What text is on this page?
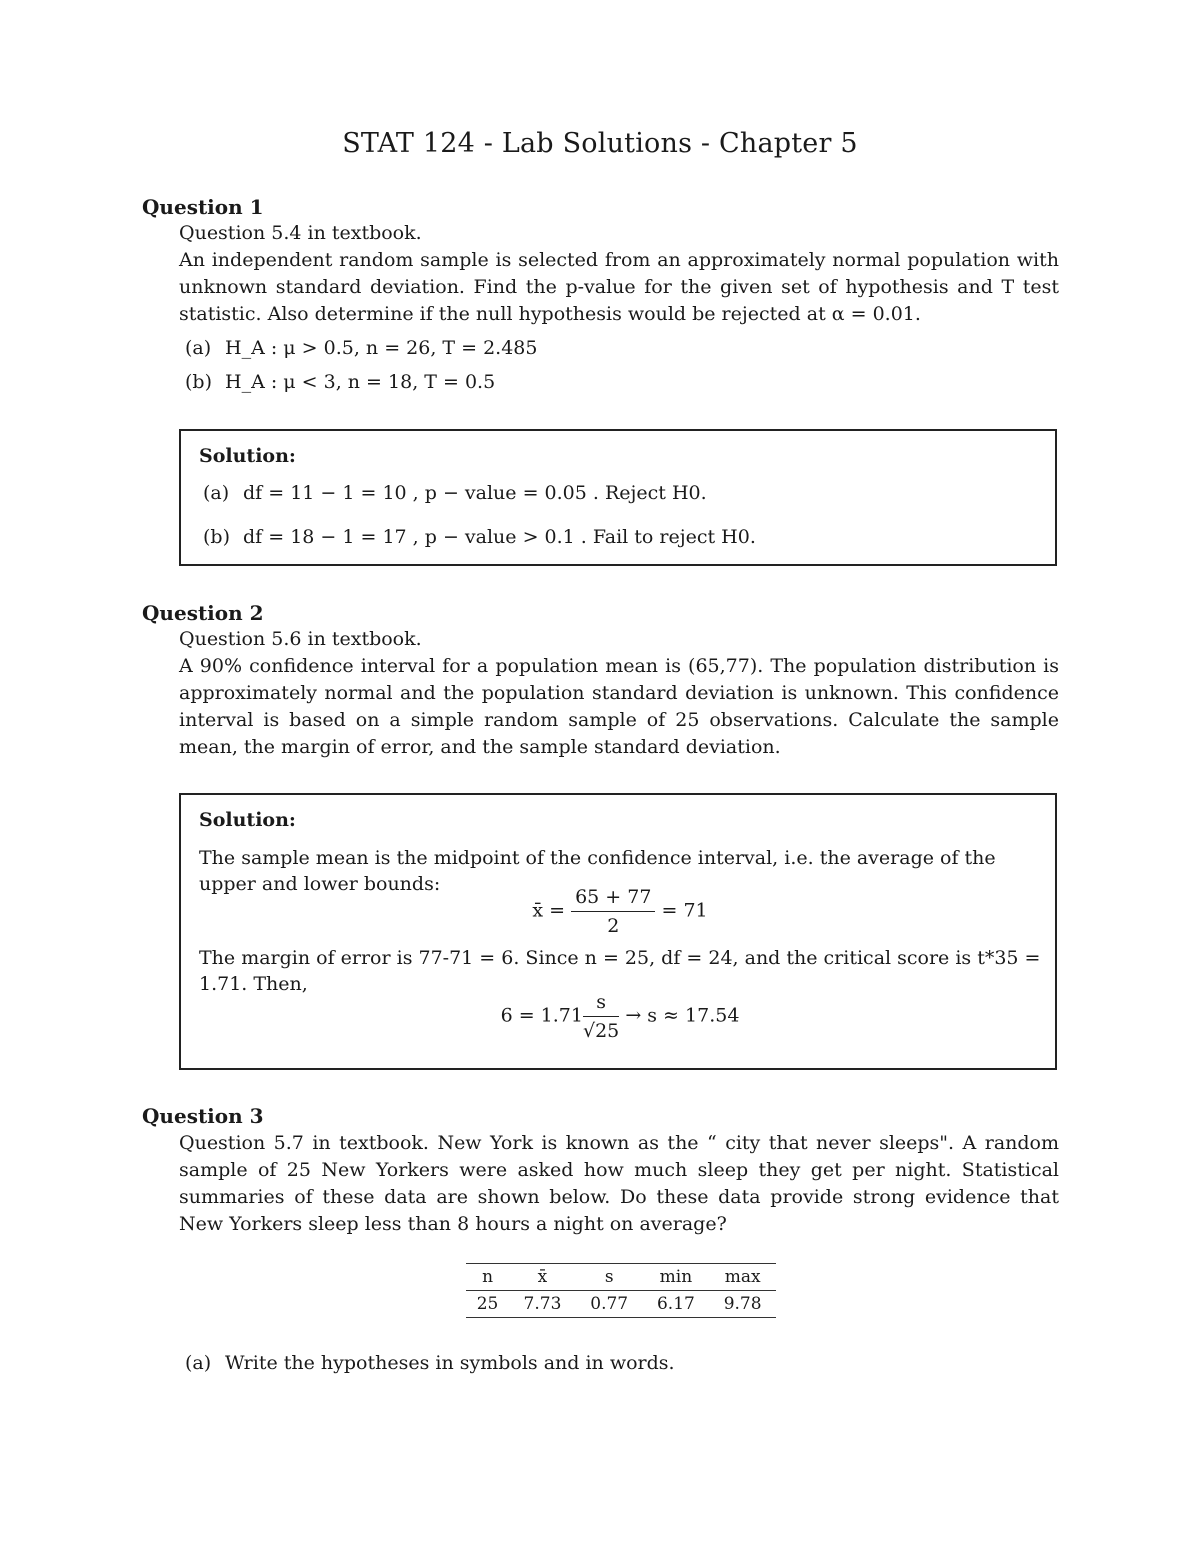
STAT 124 - Lab Solutions - Chapter 5
Question 1

Question 5.4 in textbook.

An independent random sample is selected from an approximately normal population with unknown standard deviation. Find the p-value for the given set of hypothesis and T test statistic. Also determine if the null hypothesis would be rejected at α = 0.01.

(a) H_A : μ > 0.5, n = 26, T = 2.485
(b) H_A : μ < 3, n = 18, T = 0.5
Solution:
(a) df = 11 − 1 = 10 , p − value = 0.05 . Reject H0.
(b) df = 18 − 1 = 17 , p − value > 0.1 . Fail to reject H0.
Question 2

Question 5.6 in textbook.

A 90% confidence interval for a population mean is (65,77). The population distribution is approximately normal and the population standard deviation is unknown. This confidence interval is based on a simple random sample of 25 observations. Calculate the sample mean, the margin of error, and the sample standard deviation.

Solution:
The sample mean is the midpoint of the confidence interval, i.e. the average of the upper and lower bounds:
x̄ = $\frac{65 + 77}{2} = 71$
The margin of error is 77-71 = 6. Since n = 25, df = 24, and the critical score is t*35 = 1.71. Then,
$6 = 1.71 \frac{s}{√25} \to s \approx 17.54$
Question 3

Question 5.7 in textbook. New York is known as the “ city that never sleeps". A random sample of 25 New Yorkers were asked how much sleep they get per night. Statistical summaries of these data are shown below. Do these data provide strong evidence that New Yorkers sleep less than 8 hours a night on average?

n	x̄	s	min	max
25	7.73	0.77	6.17	9.78
(a) Write the hypotheses in symbols and in words.
